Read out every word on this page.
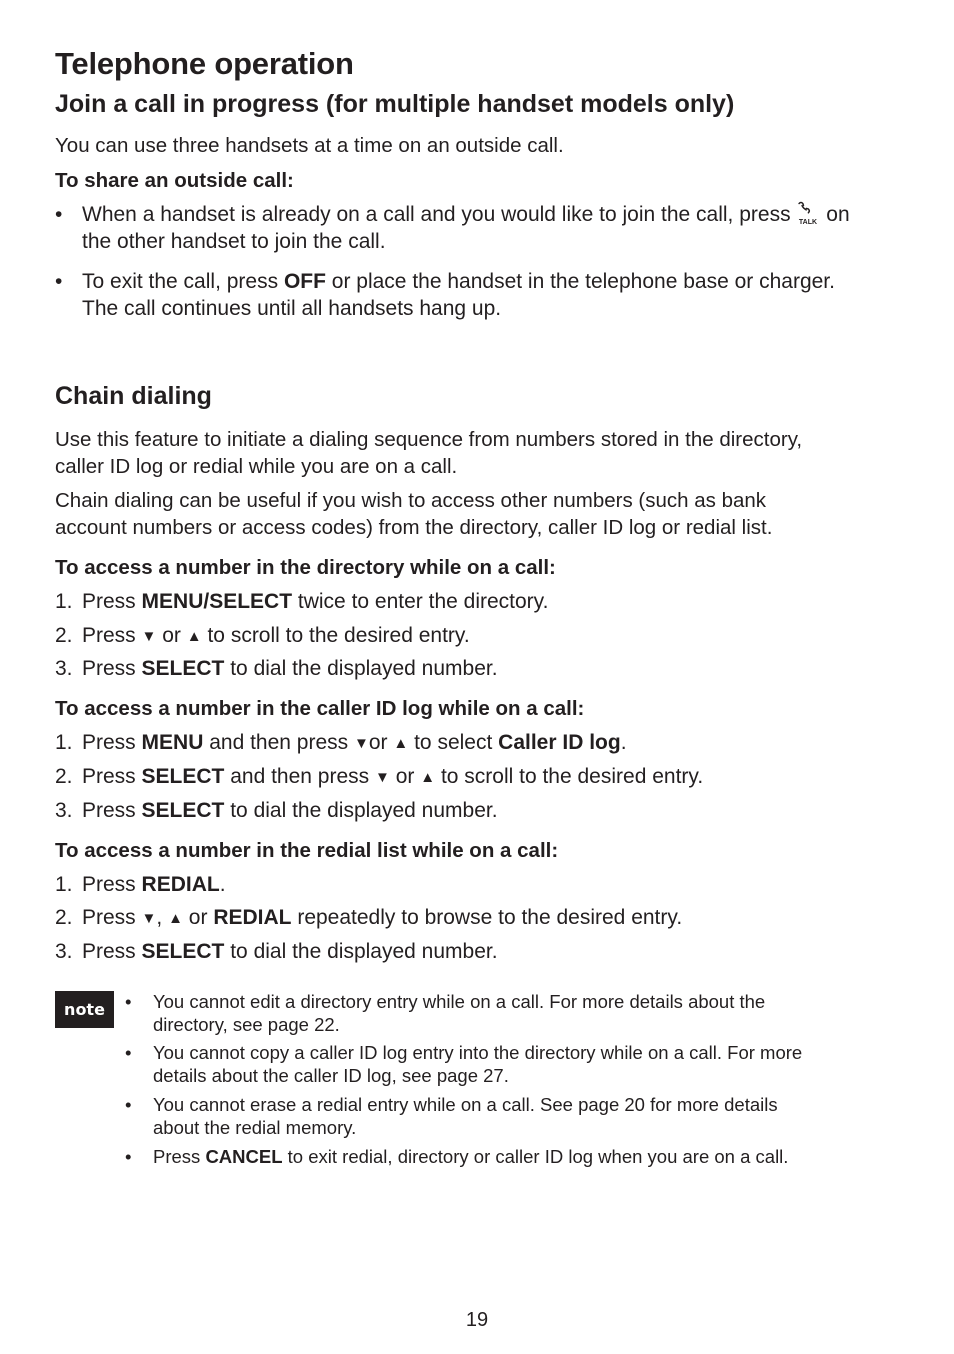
Telephone operation
Join a call in progress (for multiple handset models only)
You can use three handsets at a time on an outside call.
To share an outside call:
• When a handset is already on a call and you would like to join the call, press TALK on
the other handset to join the call.
• To exit the call, press OFF or place the handset in the telephone base or charger.
The call continues until all handsets hang up.
Chain dialing
Use this feature to initiate a dialing sequence from numbers stored in the directory,
caller ID log or redial while you are on a call.
Chain dialing can be useful if you wish to access other numbers (such as bank
account numbers or access codes) from the directory, caller ID log or redial list.
To access a number in the directory while on a call:
1. Press MENU/SELECT twice to enter the directory.
2. Press ▼ or ▲ to scroll to the desired entry.
3. Press SELECT to dial the displayed number.
To access a number in the caller ID log while on a call:
1. Press MENU and then press ▼or ▲ to select Caller ID log.
2. Press SELECT and then press ▼ or ▲ to scroll to the desired entry.
3. Press SELECT to dial the displayed number.
To access a number in the redial list while on a call:
1. Press REDIAL.
2. Press ▼, ▲ or REDIAL repeatedly to browse to the desired entry.
3. Press SELECT to dial the displayed number.
note	• You cannot edit a directory entry while on a call. For more details about the
directory, see page 22.
• You cannot copy a caller ID log entry into the directory while on a call. For more
details about the caller ID log, see page 27.
• You cannot erase a redial entry while on a call. See page 20 for more details
about the redial memory.
• Press CANCEL to exit redial, directory or caller ID log when you are on a call.
19
